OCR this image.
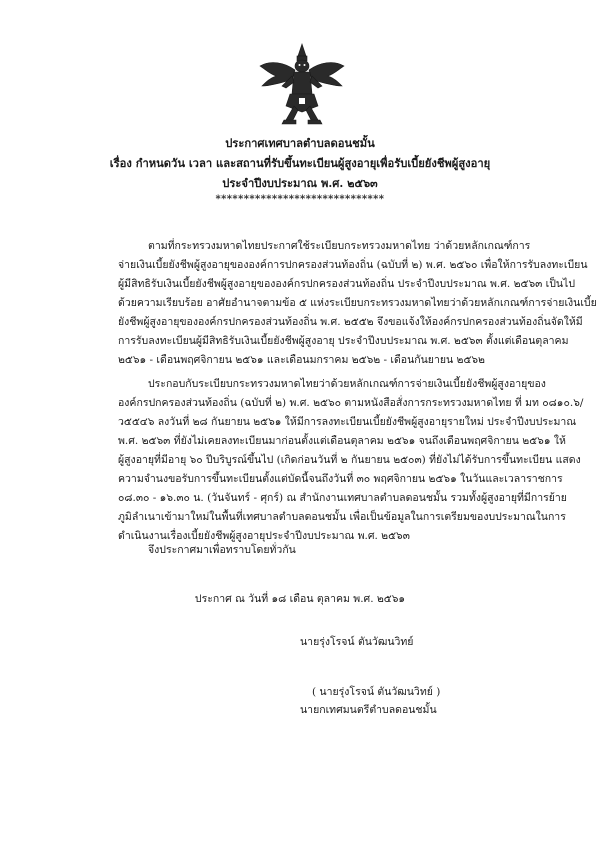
ประกาศเทศบาลตำบลดอนชมั้น
เรื่อง กำหนดวัน เวลา และสถานที่รับขึ้นทะเบียนผู้สูงอายุเพื่อรับเบี้ยยังชีพผู้สูงอายุ
ประจำปีงบประมาณ พ.ศ. ๒๕๖๓
******************************
ตามที่กระทรวงมหาดไทยประกาศใช้ระเบียบกระทรวงมหาดไทย ว่าด้วยหลักเกณฑ์การ
จ่ายเงินเบี้ยยังชีพผู้สูงอายุขององค์การปกครองส่วนท้องถิ่น (ฉบับที่ ๒) พ.ศ. ๒๕๖๐ เพื่อให้การรับลงทะเบียน
ผู้มีสิทธิรับเงินเบี้ยยังชีพผู้สูงอายุขององค์กรปกครองส่วนท้องถิ่น ประจำปีงบประมาณ พ.ศ. ๒๕๖๓ เป็นไป
ด้วยความเรียบร้อย อาศัยอำนาจตามข้อ ๕ แห่งระเบียบกระทรวงมหาดไทยว่าด้วยหลักเกณฑ์การจ่ายเงินเบี้ย
ยังชีพผู้สูงอายุขององค์กรปกครองส่วนท้องถิ่น พ.ศ. ๒๕๕๒ จึงขอแจ้งให้องค์กรปกครองส่วนท้องถิ่นจัดให้มี
การรับลงทะเบียนผู้มีสิทธิรับเงินเบี้ยยังชีพผู้สูงอายุ ประจำปีงบประมาณ พ.ศ. ๒๕๖๓ ตั้งแต่เดือนตุลาคม
๒๕๖๑ - เดือนพฤศจิกายน ๒๕๖๑ และเดือนมกราคม ๒๕๖๒ - เดือนกันยายน ๒๕๖๒
ประกอบกับระเบียบกระทรวงมหาดไทยว่าด้วยหลักเกณฑ์การจ่ายเงินเบี้ยยังชีพผู้สูงอายุของ
องค์กรปกครองส่วนท้องถิ่น (ฉบับที่ ๒) พ.ศ. ๒๕๖๐ ตามหนังสือสั่งการกระทรวงมหาดไทย ที่ มท ๐๘๑๐.๖/
ว๕๕๔๖ ลงวันที่ ๒๘ กันยายน ๒๕๖๑ ให้มีการลงทะเบียนเบี้ยยังชีพผู้สูงอายุรายใหม่ ประจำปีงบประมาณ
พ.ศ. ๒๕๖๓ ที่ยังไม่เคยลงทะเบียนมาก่อนตั้งแต่เดือนตุลาคม ๒๕๖๑ จนถึงเดือนพฤศจิกายน ๒๕๖๑ ให้
ผู้สูงอายุที่มีอายุ ๖๐ ปีบริบูรณ์ขึ้นไป (เกิดก่อนวันที่ ๒ กันยายน ๒๕๐๓) ที่ยังไม่ได้รับการขึ้นทะเบียน แสดง
ความจำนงขอรับการขึ้นทะเบียนตั้งแต่บัดนี้จนถึงวันที่ ๓๐ พฤศจิกายน ๒๕๖๑ ในวันและเวลาราชการ
๐๘.๓๐ - ๑๖.๓๐ น. (วันจันทร์ - ศุกร์) ณ สำนักงานเทศบาลตำบลดอนชมั้น รวมทั้งผู้สูงอายุที่มีการย้าย
ภูมิลำเนาเข้ามาใหม่ในพื้นที่เทศบาลตำบลดอนชมั้น เพื่อเป็นข้อมูลในการเตรียมของบประมาณในการ
ดำเนินงานเรื่องเบี้ยยังชีพผู้สูงอายุประจำปีงบประมาณ พ.ศ. ๒๕๖๓
จึงประกาศมาเพื่อทราบโดยทั่วกัน
ประกาศ ณ วันที่ ๑๘ เดือน ตุลาคม พ.ศ. ๒๕๖๑
นายรุ่งโรจน์ ตันวัฒนวิทย์
( นายรุ่งโรจน์ ตันวัฒนวิทย์ )
นายกเทศมนตรีตำบลดอนชมั้น
